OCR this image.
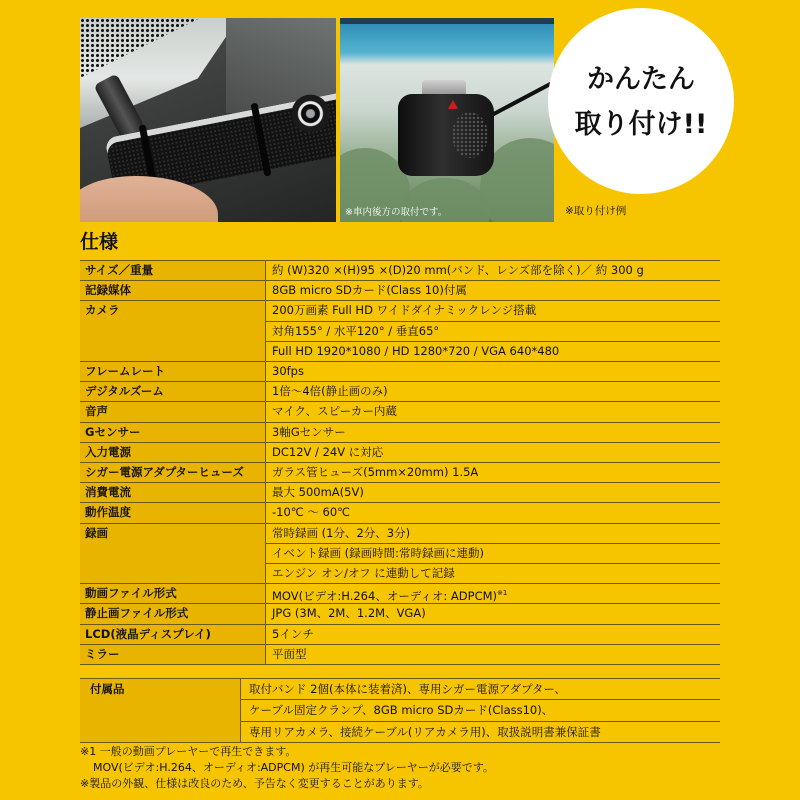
※車内後方の取付です。
かんたん
取り付け!!
※取り付け例
仕様
サイズ／重量	約 (W)320 ×(H)95 ×(D)20 mm(バンド、レンズ部を除く)／ 約 300 g
記録媒体	8GB micro SDカード(Class 10)付属
カメラ	200万画素 Full HD ワイドダイナミックレンジ搭載
対角155° / 水平120° / 垂直65°
Full HD 1920*1080 / HD 1280*720 / VGA 640*480
フレームレート	30fps
デジタルズーム	1倍～4倍(静止画のみ)
音声	マイク、スピーカー内蔵
Gセンサー	3軸Gセンサー
入力電源	DC12V / 24V に対応
シガー電源アダプターヒューズ	ガラス管ヒューズ(5mm×20mm) 1.5A
消費電流	最大 500mA(5V)
動作温度	-10℃ ～ 60℃
録画	常時録画 (1分、2分、3分)
イベント録画 (録画時間:常時録画に連動)
エンジン オン/オフ に連動して記録
動画ファイル形式	MOV(ビデオ:H.264、オーディオ: ADPCM)$^{※1}$
静止画ファイル形式	JPG (3M、2M、1.2M、VGA)
LCD(液晶ディスプレイ)	5インチ
ミラー	平面型
付属品	取付バンド 2個(本体に装着済)、専用シガー電源アダプター、
ケーブル固定クランプ、8GB micro SDカード(Class10)、
専用リアカメラ、接続ケーブル(リアカメラ用)、取扱説明書兼保証書
※1 一般の動画プレーヤーで再生できます。
MOV(ビデオ:H.264、オーディオ:ADPCM) が再生可能なプレーヤーが必要です。
※製品の外観、仕様は改良のため、予告なく変更することがあります。
